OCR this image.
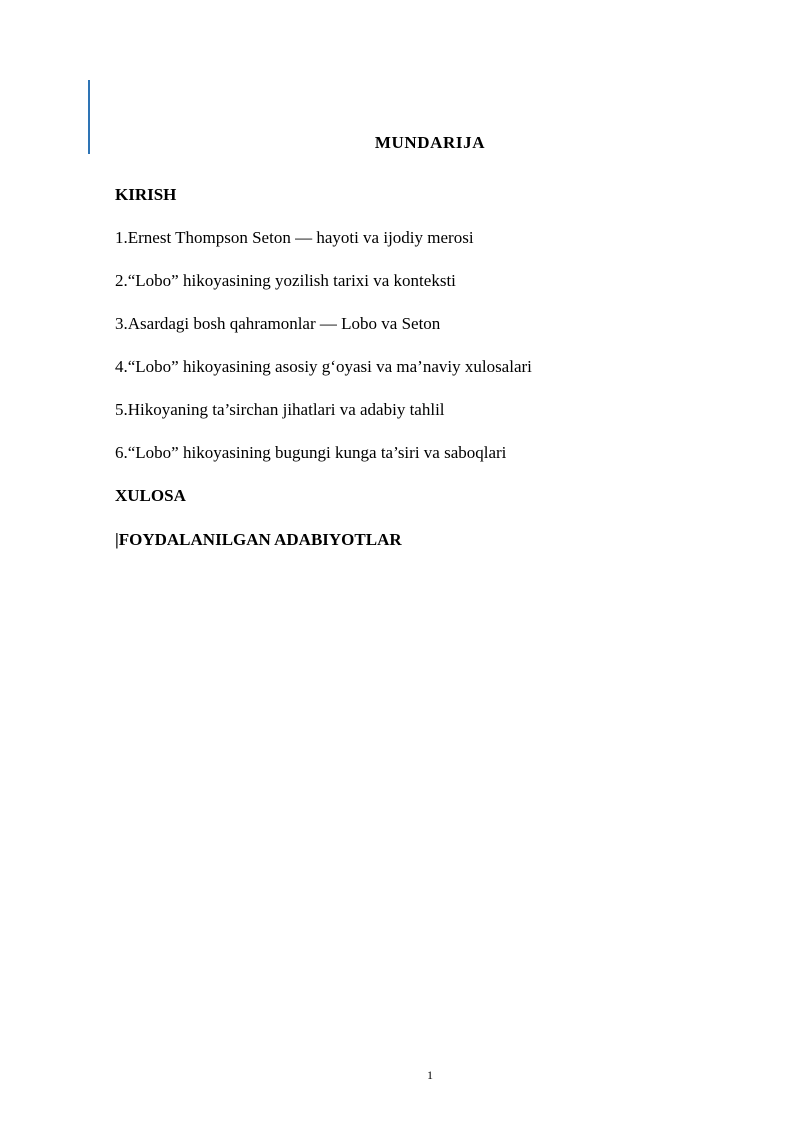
MUNDARIJA

KIRISH

1.Ernest Thompson Seton — hayoti va ijodiy merosi

2.“Lobo” hikoyasining yozilish tarixi va konteksti

3.Asardagi bosh qahramonlar — Lobo va Seton

4.“Lobo” hikoyasining asosiy g‘oyasi va ma’naviy xulosalari

5.Hikoyaning ta’sirchan jihatlari va adabiy tahlil

6.“Lobo” hikoyasining bugungi kunga ta’siri va saboqlari

XULOSA

|FOYDALANILGAN ADABIYOTLAR

1
